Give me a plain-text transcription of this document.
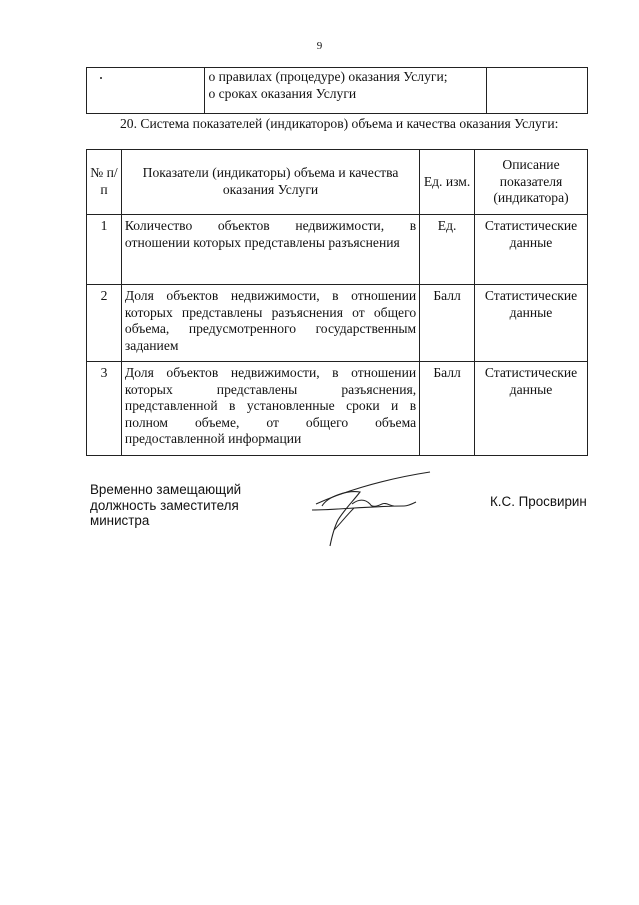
9

о правилах (процедуре) оказания Услуги;
о сроках оказания Услуги

20. Система показателей (индикаторов) объема и качества оказания Услуги:
№ п/п	Показатели (индикаторы) объема и качества оказания Услуги	Ед. изм.	Описание показателя (индикатора)
1	Количество объектов недвижимости, в отношении которых представлены разъяснения	Ед.	Статистические данные
2	Доля объектов недвижимости, в отношении которых представлены разъяснения от общего объема, предусмотренного государственным заданием	Балл	Статистические данные
3	Доля объектов недвижимости, в отношении которых представлены разъяснения, представленной в установленные сроки и в полном объеме, от общего объема предоставленной информации	Балл	Статистические данные
Временно замещающий
должность заместителя
министра
К.С. Просвирин
